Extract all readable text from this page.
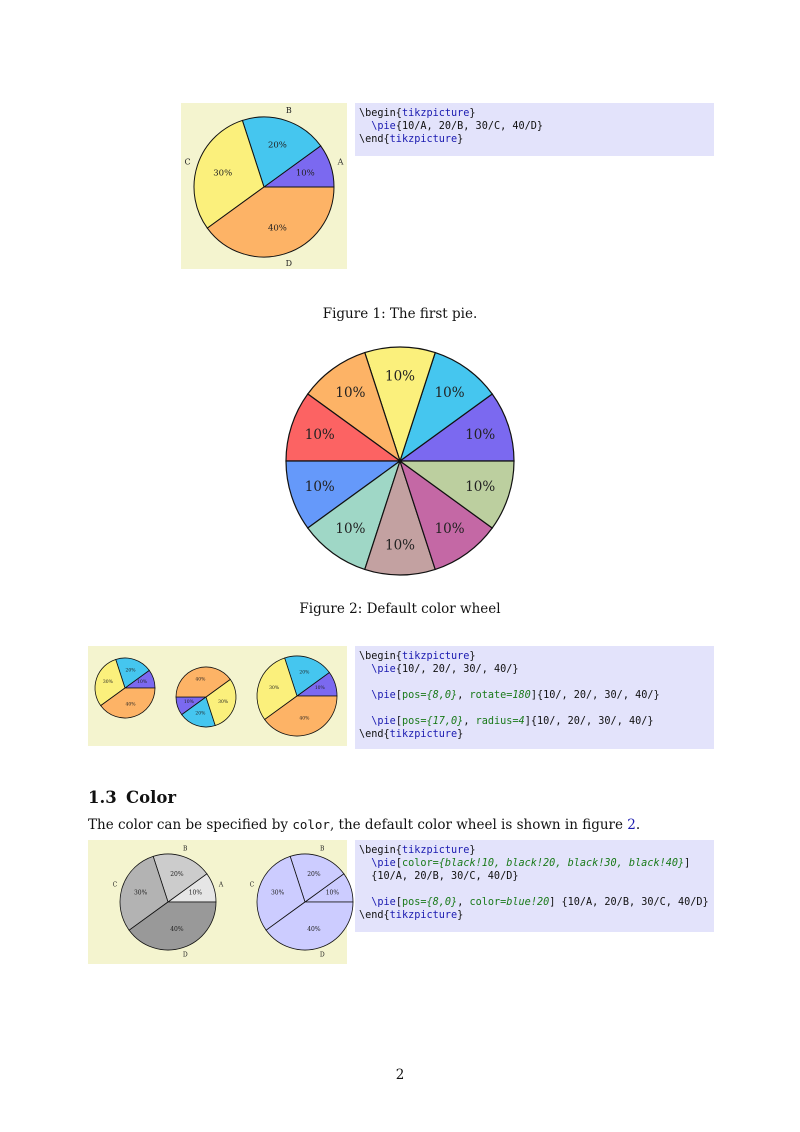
10%
A
20%
B
30%
C
40%
D
\begin{tikzpicture}
\pie{10/A, 20/B, 30/C, 40/D}
\end{tikzpicture}
Figure 1: The first pie.
10%
10%
10%
10%
10%
10%
10%
10%
10%
10%
Figure 2: Default color wheel
10%
20%
30%
40%
10%
20%
30%
40%
10%
20%
30%
40%
\begin{tikzpicture}
\pie{10/, 20/, 30/, 40/}
\pie[pos={8,0}, rotate=180]{10/, 20/, 30/, 40/}
\pie[pos={17,0}, radius=4]{10/, 20/, 30/, 40/}
\end{tikzpicture}
1.3 Color
The color can be specified by color, the default color wheel is shown in figure 2.
10%
A
20%
B
30%
C
40%
D
10%
20%
B
30%
C
40%
D
\begin{tikzpicture}
\pie[color={black!10, black!20, black!30, black!40}]
{10/A, 20/B, 30/C, 40/D}
\pie[pos={8,0}, color=blue!20] {10/A, 20/B, 30/C, 40/D}
\end{tikzpicture}
2
